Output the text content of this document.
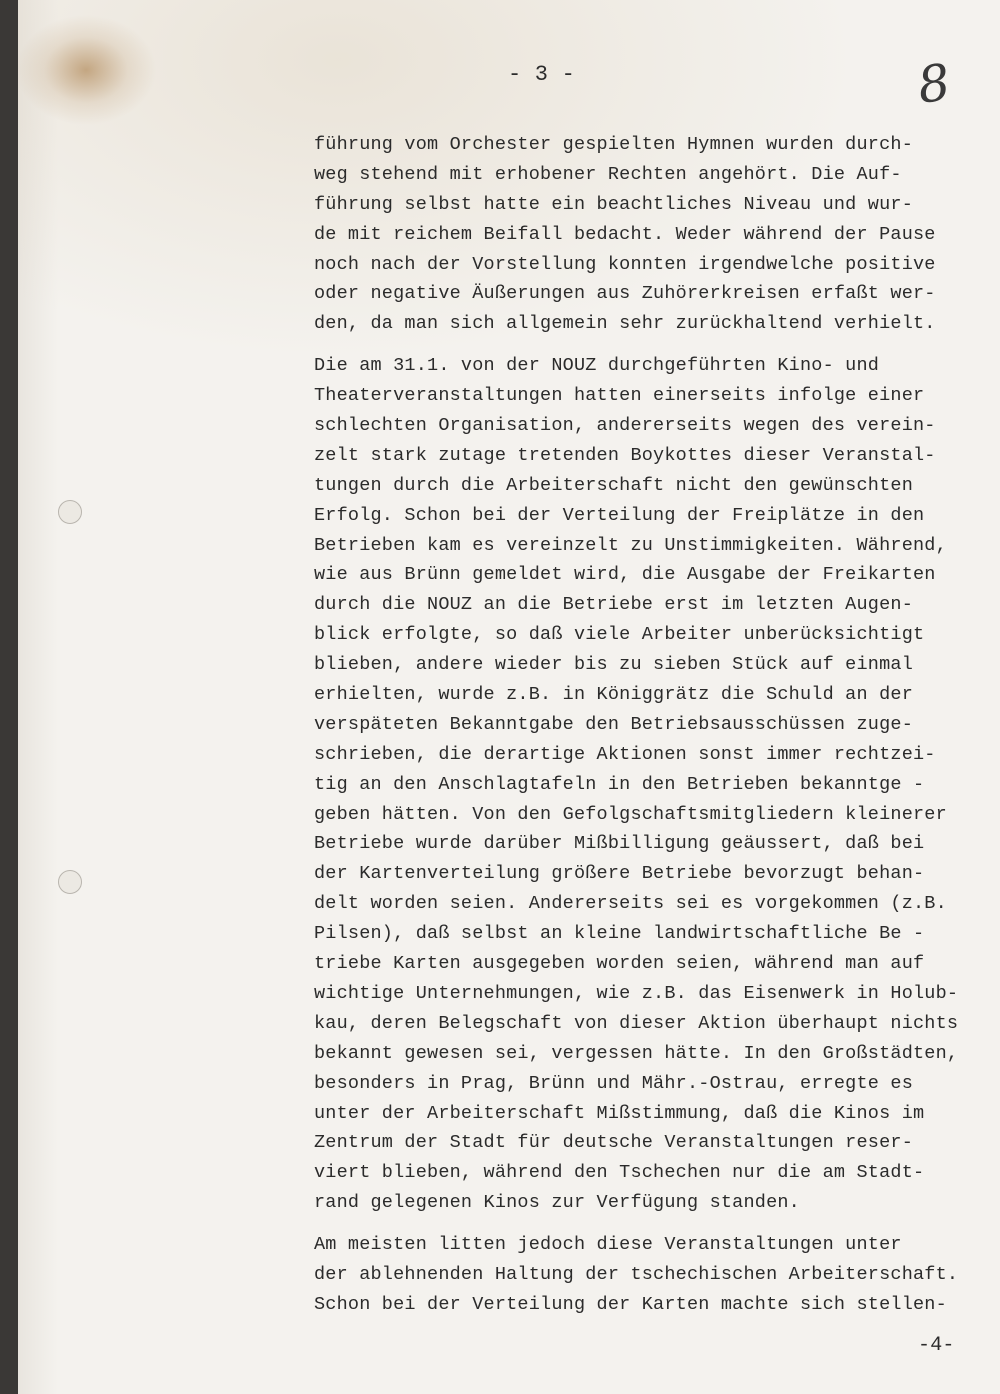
- 3 -	8
führung vom Orchester gespielten Hymnen wurden durch-
weg stehend mit erhobener Rechten angehört. Die Auf-
führung selbst hatte ein beachtliches Niveau und wur-
de mit reichem Beifall bedacht. Weder während der Pause
noch nach der Vorstellung konnten irgendwelche positive
oder negative Äußerungen aus Zuhörerkreisen erfaßt wer-
den, da man sich allgemein sehr zurückhaltend verhielt.
Die am 31.1. von der NOUZ durchgeführten Kino- und
Theaterveranstaltungen hatten einerseits infolge einer
schlechten Organisation, andererseits wegen des verein-
zelt stark zutage tretenden Boykottes dieser Veranstal-
tungen durch die Arbeiterschaft nicht den gewünschten
Erfolg. Schon bei der Verteilung der Freiplätze in den
Betrieben kam es vereinzelt zu Unstimmigkeiten. Während,
wie aus Brünn gemeldet wird, die Ausgabe der Freikarten
durch die NOUZ an die Betriebe erst im letzten Augen-
blick erfolgte, so daß viele Arbeiter unberücksichtigt
blieben, andere wieder bis zu sieben Stück auf einmal
erhielten, wurde z.B. in Königgrätz die Schuld an der
verspäteten Bekanntgabe den Betriebsausschüssen zuge-
schrieben, die derartige Aktionen sonst immer rechtzei-
tig an den Anschlagtafeln in den Betrieben bekanntge -
geben hätten. Von den Gefolgschaftsmitgliedern kleinerer
Betriebe wurde darüber Mißbilligung geäussert, daß bei
der Kartenverteilung größere Betriebe bevorzugt behan-
delt worden seien. Andererseits sei es vorgekommen (z.B.
Pilsen), daß selbst an kleine landwirtschaftliche Be -
triebe Karten ausgegeben worden seien, während man auf
wichtige Unternehmungen, wie z.B. das Eisenwerk in Holub-
kau, deren Belegschaft von dieser Aktion überhaupt nichts
bekannt gewesen sei, vergessen hätte. In den Großstädten,
besonders in Prag, Brünn und Mähr.-Ostrau, erregte es
unter der Arbeiterschaft Mißstimmung, daß die Kinos im
Zentrum der Stadt für deutsche Veranstaltungen reser-
viert blieben, während den Tschechen nur die am Stadt-
rand gelegenen Kinos zur Verfügung standen.
Am meisten litten jedoch diese Veranstaltungen unter
der ablehnenden Haltung der tschechischen Arbeiterschaft.
Schon bei der Verteilung der Karten machte sich stellen-
-4-
